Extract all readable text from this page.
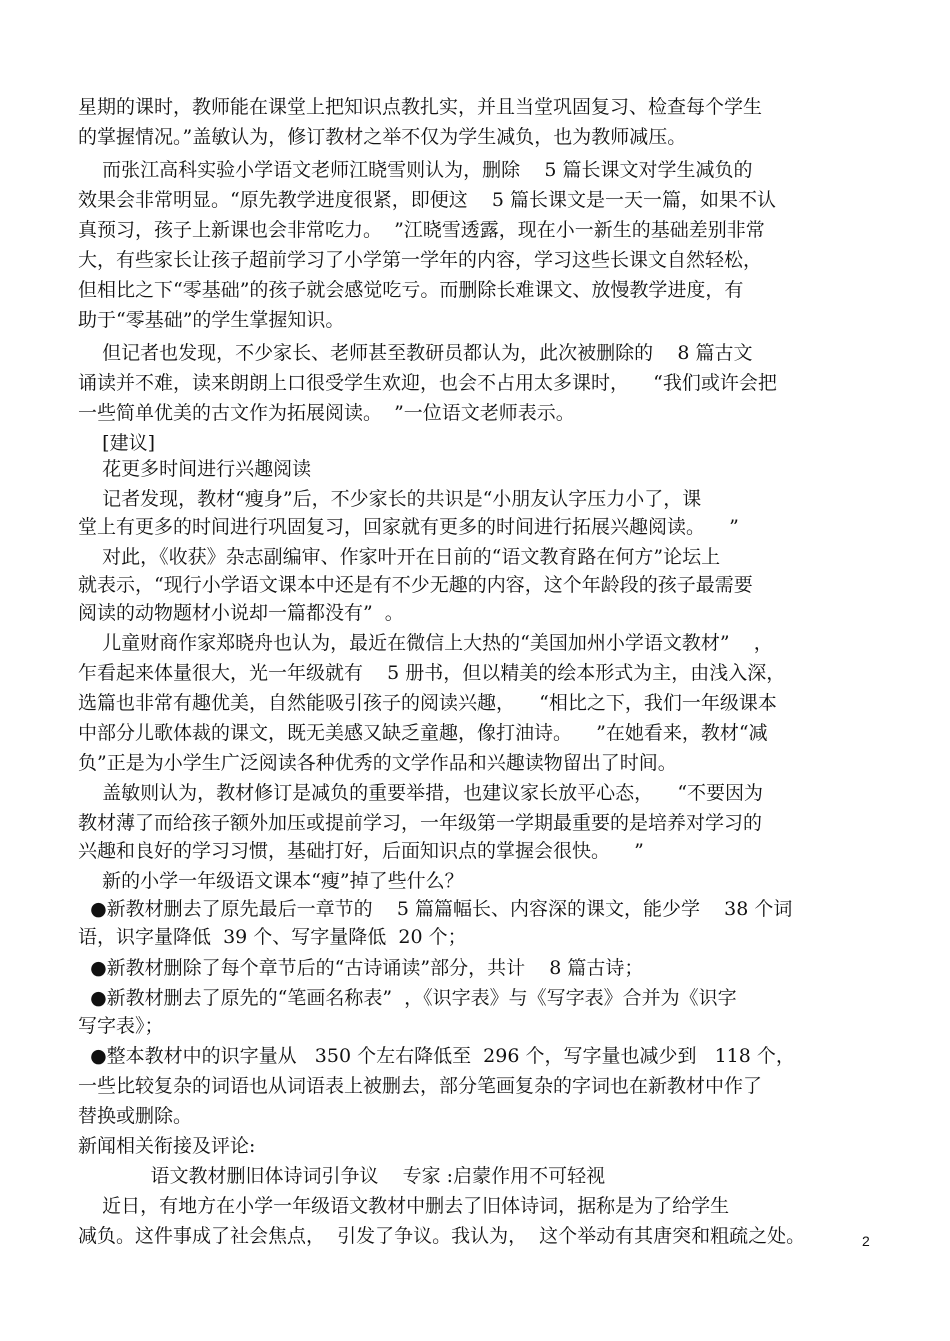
星期的课时，教师能在课堂上把知识点教扎实，并且当堂巩固复习、检查每个学生
的掌握情况。”盖敏认为，修订教材之举不仅为学生减负，也为教师减压。
而张江高科实验小学语文老师江晓雪则认为，删除    5 篇长课文对学生减负的
效果会非常明显。“原先教学进度很紧，即便这    5 篇长课文是一天一篇，如果不认
真预习，孩子上新课也会非常吃力。  ”江晓雪透露，现在小一新生的基础差别非常
大，有些家长让孩子超前学习了小学第一学年的内容，学习这些长课文自然轻松，
但相比之下“零基础”的孩子就会感觉吃亏。而删除长难课文、放慢教学进度，有
助于“零基础”的学生掌握知识。
但记者也发现，不少家长、老师甚至教研员都认为，此次被删除的    8 篇古文
诵读并不难，读来朗朗上口很受学生欢迎，也会不占用太多课时，    “我们或许会把
一些简单优美的古文作为拓展阅读。  ”一位语文老师表示。
[建议]
花更多时间进行兴趣阅读
记者发现，教材“瘦身”后，不少家长的共识是“小朋友认字压力小了，课
堂上有更多的时间进行巩固复习，回家就有更多的时间进行拓展兴趣阅读。    ”
对此，《收获》杂志副编审、作家叶开在日前的“语文教育路在何方”论坛上
就表示，“现行小学语文课本中还是有不少无趣的内容，这个年龄段的孩子最需要
阅读的动物题材小说却一篇都没有”  。
儿童财商作家郑晓舟也认为，最近在微信上大热的“美国加州小学语文教材”    ，
乍看起来体量很大，光一年级就有    5 册书，但以精美的绘本形式为主，由浅入深，
选篇也非常有趣优美，自然能吸引孩子的阅读兴趣，    “相比之下，我们一年级课本
中部分儿歌体裁的课文，既无美感又缺乏童趣，像打油诗。    ”在她看来，教材“减
负”正是为小学生广泛阅读各种优秀的文学作品和兴趣读物留出了时间。
盖敏则认为，教材修订是减负的重要举措，也建议家长放平心态，    “不要因为
教材薄了而给孩子额外加压或提前学习，一年级第一学期最重要的是培养对学习的
兴趣和良好的学习习惯，基础打好，后面知识点的掌握会很快。    ”
新的小学一年级语文课本“瘦”掉了些什么？
●新教材删去了原先最后一章节的    5 篇篇幅长、内容深的课文，能少学    38 个词
语，识字量降低  39 个、写字量降低  20 个；
●新教材删除了每个章节后的“古诗诵读”部分，共计    8 篇古诗；
●新教材删去了原先的“笔画名称表”  ，《识字表》与《写字表》合并为《识字
写字表》；
●整本教材中的识字量从   350 个左右降低至  296 个，写字量也减少到   118 个，
一些比较复杂的词语也从词语表上被删去，部分笔画复杂的字词也在新教材中作了
替换或删除。
新闻相关衔接及评论:
语文教材删旧体诗词引争议    专家 :启蒙作用不可轻视
近日，有地方在小学一年级语文教材中删去了旧体诗词，据称是为了给学生
减负。这件事成了社会焦点，  引发了争议。我认为，  这个举动有其唐突和粗疏之处。	2
